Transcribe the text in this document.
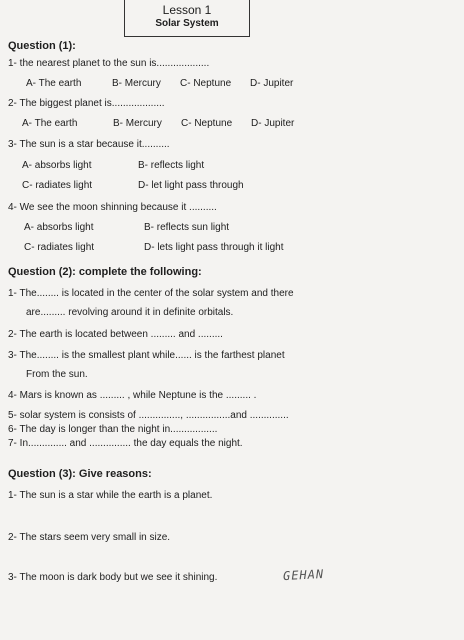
Lesson 1
Solar System
Question (1):
1- the nearest planet to the sun is...................
A- The earth	B- Mercury C- Neptune D- Jupiter
2- The biggest planet is...................
A- The earth	B- Mercury C- Neptune D- Jupiter
3- The sun is a star because it..........
A- absorbs light	B- reflects light
C- radiates light	D- let light pass through
4- We see the moon shinning because it ..........
A- absorbs light	B- reflects sun light
C- radiates light	D- lets light pass through it light
Question (2): complete the following:
1- The........ is located in the center of the solar system and there
are......... revolving around it in definite orbitals.
2- The earth is located between ......... and .........
3- The........ is the smallest plant while...... is the farthest planet
From the sun.
4- Mars is known as ......... , while Neptune is the ......... .
5- solar system is consists of ..............., ................and ..............
6- The day is longer than the night in.................
7- In.............. and ............... the day equals the night.
Question (3): Give reasons:
1- The sun is a star while the earth is a planet.
2- The stars seem very small in size.
3- The moon is dark body but we see it shining.	GEHAN
